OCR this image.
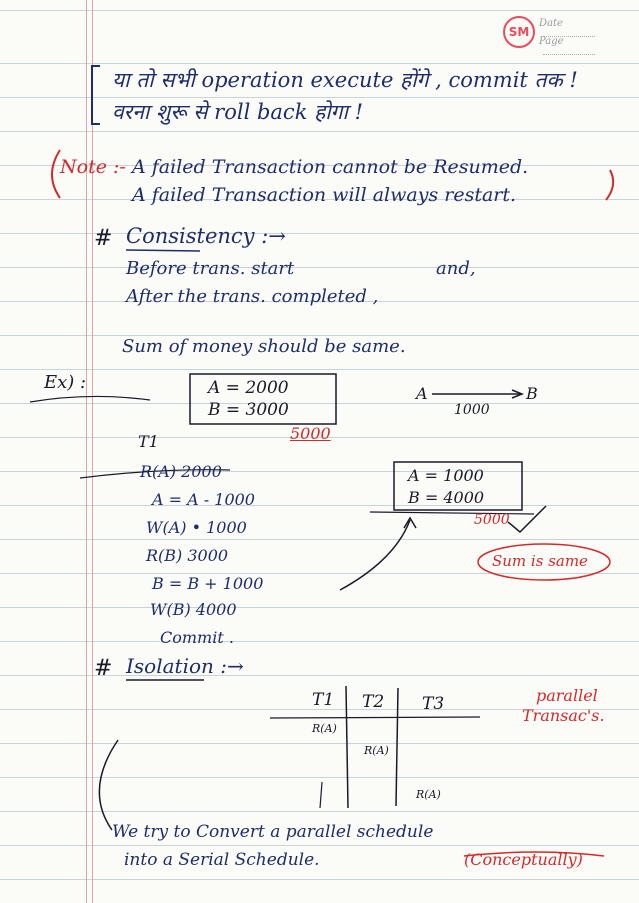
SM
Date
Page
या तो सभी operation execute होंगे , commit तक !
वरना शुरू से roll back होगा !
Note :- A failed Transaction cannot be Resumed.
A failed Transaction will always restart.
# Consistency :→
Before trans. start	and,
After the trans. completed ,
Sum of money should be same.
Ex) :	A = 2000
B = 3000
5000
A	B
1000
T1
R(A) 2000
A = A - 1000
W(A) • 1000
R(B) 3000
B = B + 1000
W(B) 4000
Commit .
A = 1000
B = 4000
5000
Sum is same
# Isolation :→
T1 T2 T3
R(A)
R(A)
R(A)
parallel
Transac's.
We try to Convert a parallel schedule
into a Serial Schedule.	(Conceptually)
